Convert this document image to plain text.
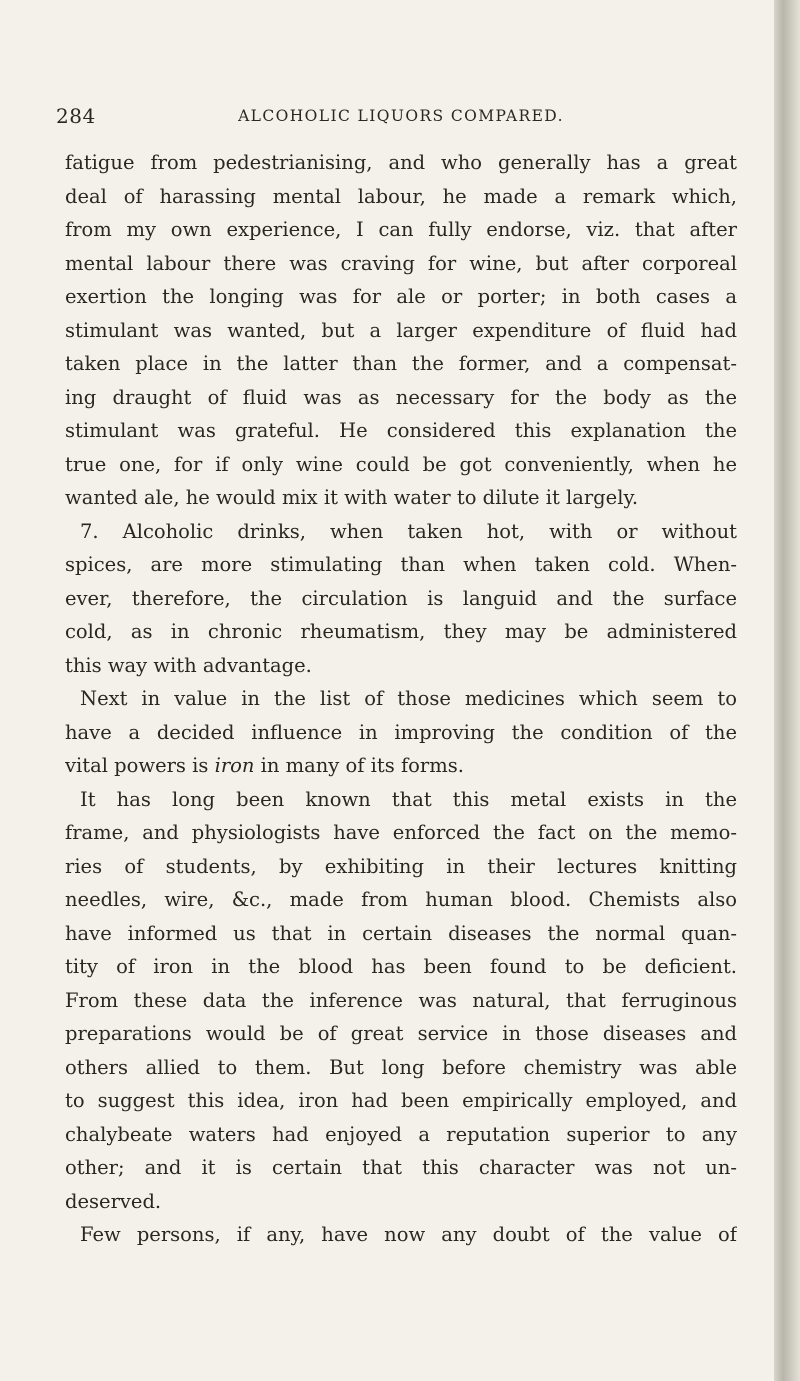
284	ALCOHOLIC LIQUORS COMPARED.
fatigue from pedestrianising, and who generally has a great
deal of harassing mental labour, he made a remark which,
from my own experience, I can fully endorse, viz. that after
mental labour there was craving for wine, but after corporeal
exertion the longing was for ale or porter; in both cases a
stimulant was wanted, but a larger expenditure of fluid had
taken place in the latter than the former, and a compensat-
ing draught of fluid was as necessary for the body as the
stimulant was grateful. He considered this explanation the
true one, for if only wine could be got conveniently, when he
wanted ale, he would mix it with water to dilute it largely.
7. Alcoholic drinks, when taken hot, with or without
spices, are more stimulating than when taken cold. When-
ever, therefore, the circulation is languid and the surface
cold, as in chronic rheumatism, they may be administered
this way with advantage.
Next in value in the list of those medicines which seem to
have a decided influence in improving the condition of the
vital powers is iron in many of its forms.
It has long been known that this metal exists in the
frame, and physiologists have enforced the fact on the memo-
ries of students, by exhibiting in their lectures knitting
needles, wire, &c., made from human blood. Chemists also
have informed us that in certain diseases the normal quan-
tity of iron in the blood has been found to be deficient.
From these data the inference was natural, that ferruginous
preparations would be of great service in those diseases and
others allied to them. But long before chemistry was able
to suggest this idea, iron had been empirically employed, and
chalybeate waters had enjoyed a reputation superior to any
other; and it is certain that this character was not un-
deserved.
Few persons, if any, have now any doubt of the value of
